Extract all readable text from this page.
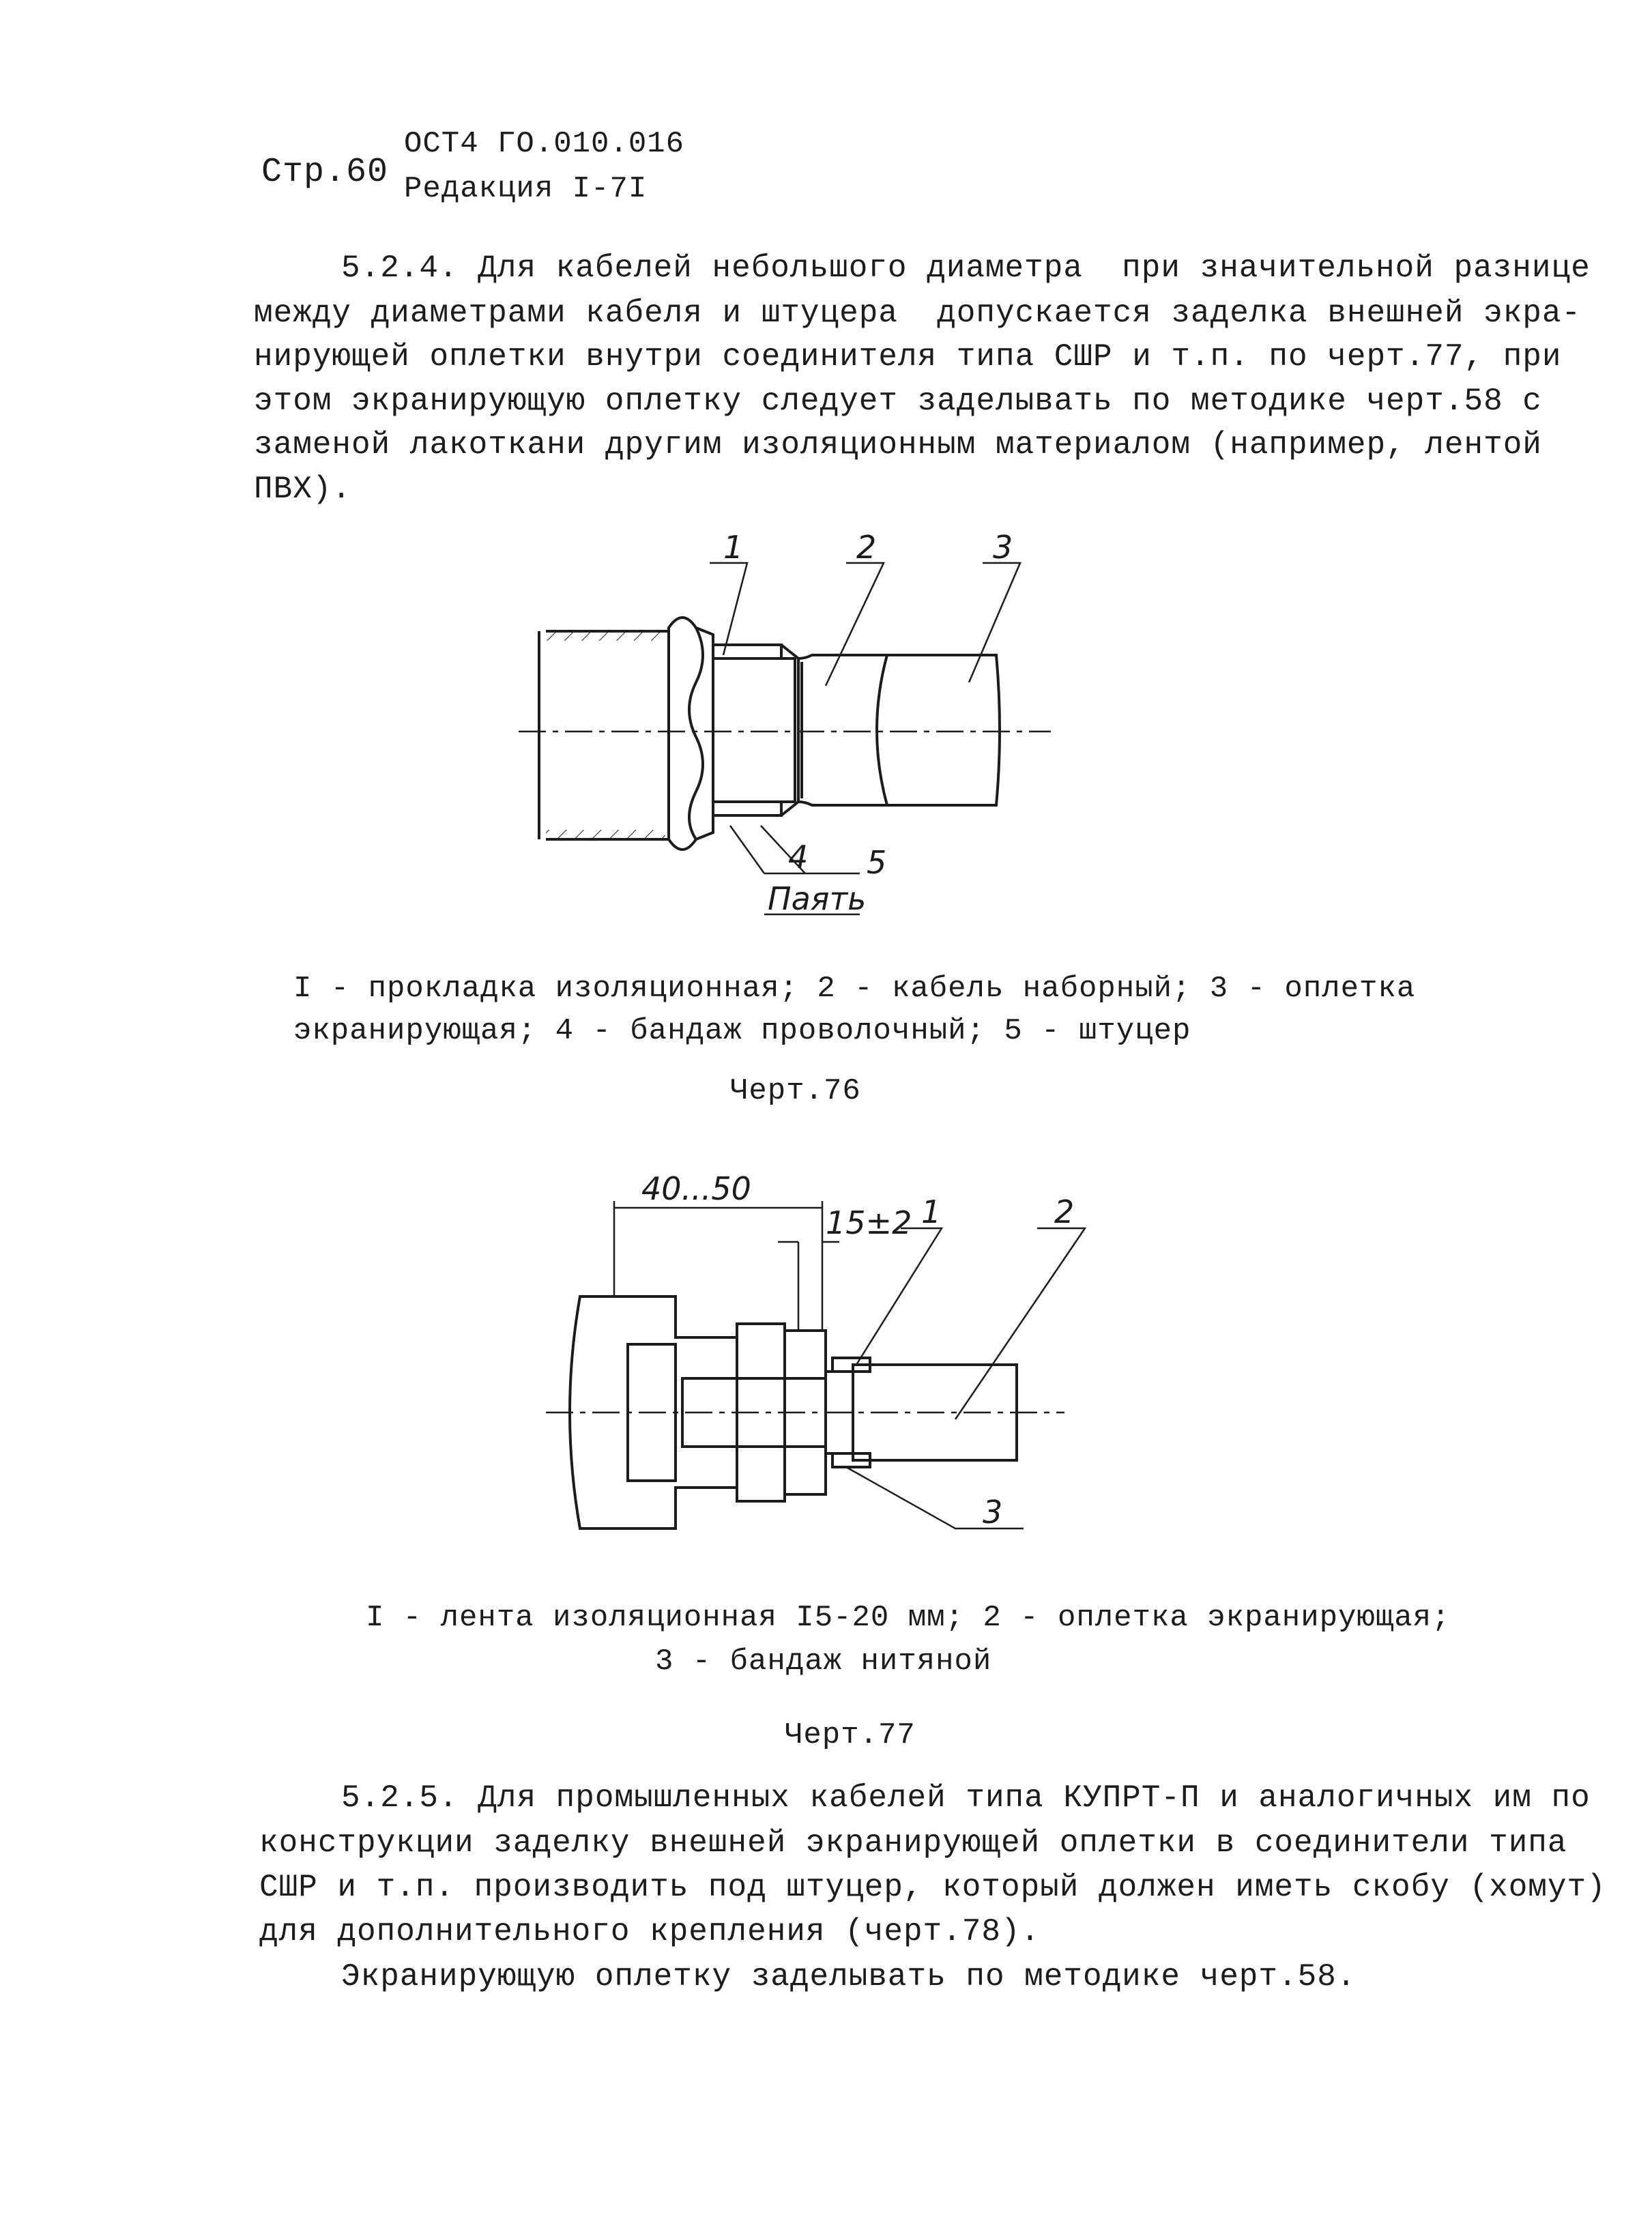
Стр.60
ОСТ4 ГО.010.016
Редакция I-7I
5.2.4. Для кабелей небольшого диаметра  при значительной разнице
между диаметрами кабеля и штуцера  допускается заделка внешней экра-
нирующей оплетки внутри соединителя типа СШР и т.п. по черт.77, при
этом экранирующую оплетку следует заделывать по методике черт.58 с
заменой лакоткани другим изоляционным материалом (например, лентой
ПВХ).
1	2	3
5
4
Паять
I - прокладка изоляционная; 2 - кабель наборный; 3 - оплетка
экранирующая; 4 - бандаж проволочный; 5 - штуцер
Черт.76
40...50
15±2 1	2
3
I - лента изоляционная I5-20 мм; 2 - оплетка экранирующая;
3 - бандаж нитяной
Черт.77
5.2.5. Для промышленных кабелей типа КУПРТ-П и аналогичных им по
конструкции заделку внешней экранирующей оплетки в соединители типа
СШР и т.п. производить под штуцер, который должен иметь скобу (хомут)
для дополнительного крепления (черт.78).
Экранирующую оплетку заделывать по методике черт.58.
